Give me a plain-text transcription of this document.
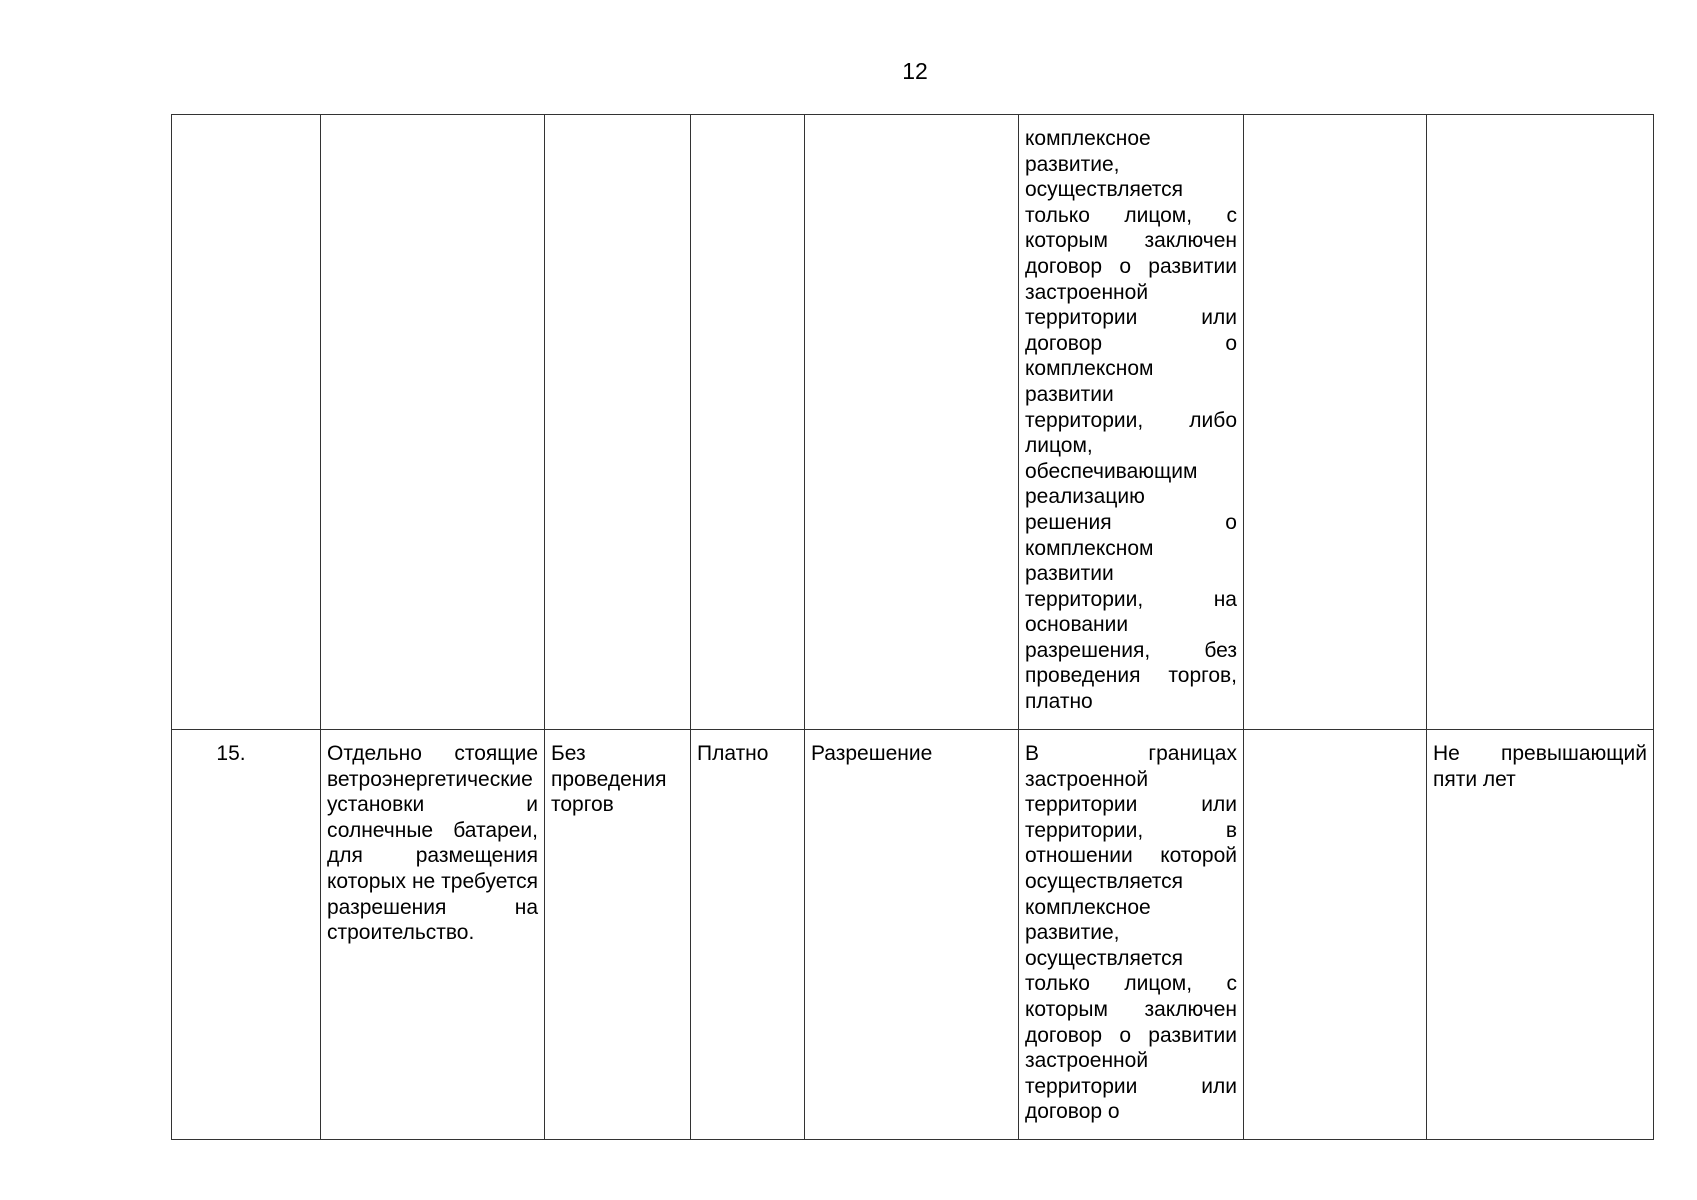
12
					комплексное развитие, осуществляется только лицом, с которым заключен договор о развитии застроенной территории или договор о комплексном развитии территории, либо лицом, обеспечивающим реализацию решения о комплексном развитии территории, на основании разрешения, без проведения торгов, платно		
15.	Отдельно стоящие ветроэнергетические установки и солнечные батареи, для размещения которых не требуется разрешения на строительство.	Без проведения торгов	Платно	Разрешение	В границах застроенной территории или территории, в отношении которой осуществляется комплексное развитие, осуществляется только лицом, с которым заключен договор о развитии застроенной территории или договор о		Не превышающий пяти лет
